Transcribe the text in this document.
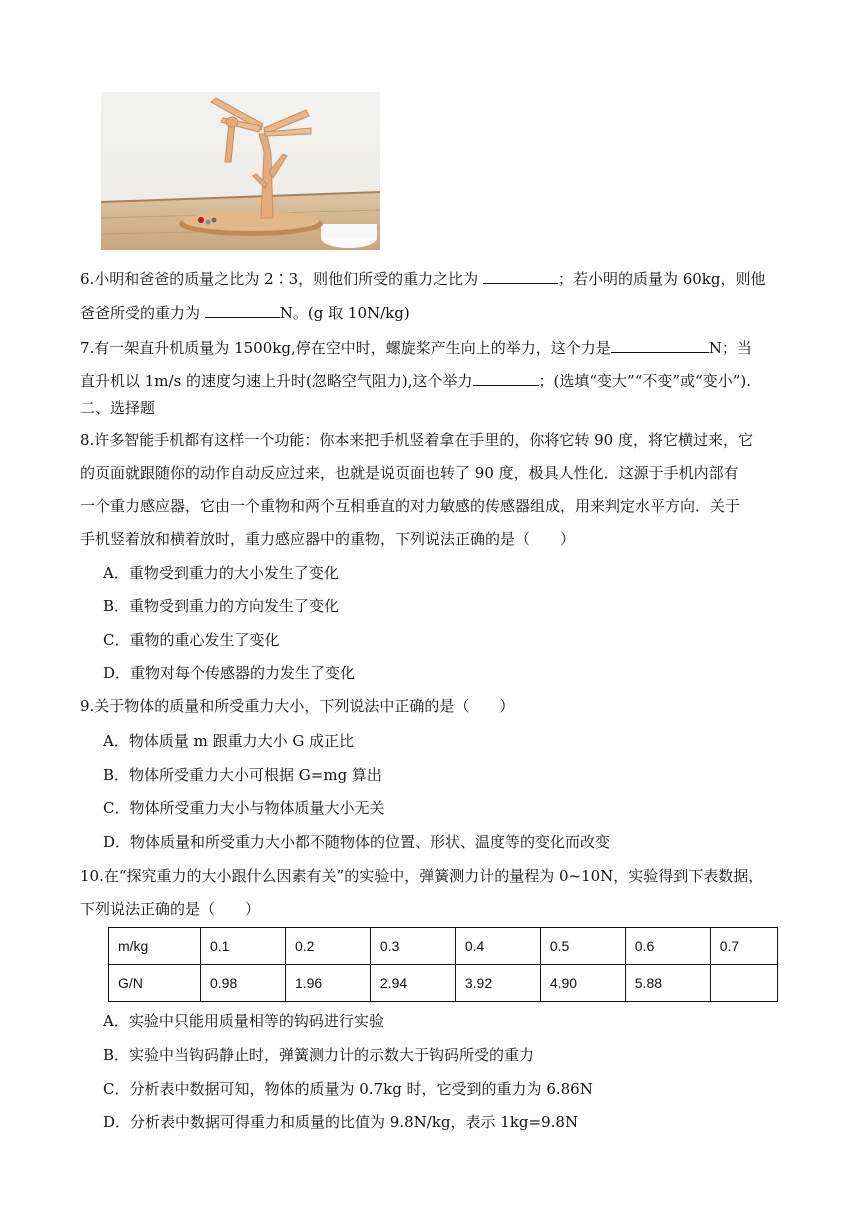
6.小明和爸爸的质量之比为 2∶3，则他们所受的重力之比为	；若小明的质量为 60kg，则他
爸爸所受的重力为	N。(g 取 10N/kg)
7.有一架直升机质量为 1500kg,停在空中时，螺旋桨产生向上的举力，这个力是	N；当
直升机以 1m/s 的速度匀速上升时(忽略空气阻力),这个举力	；(选填“变大”“不变”或“变小”).
二、选择题
8.许多智能手机都有这样一个功能：你本来把手机竖着拿在手里的，你将它转 90 度，将它横过来，它
的页面就跟随你的动作自动反应过来，也就是说页面也转了 90 度，极具人性化．这源于手机内部有
一个重力感应器，它由一个重物和两个互相垂直的对力敏感的传感器组成，用来判定水平方向．关于
手机竖着放和横着放时，重力感应器中的重物，下列说法正确的是（　　）
A．重物受到重力的大小发生了变化
B．重物受到重力的方向发生了变化
C．重物的重心发生了变化
D．重物对每个传感器的力发生了变化
9.关于物体的质量和所受重力大小，下列说法中正确的是（　　）
A．物体质量 m 跟重力大小 G 成正比
B．物体所受重力大小可根据 G=mg 算出
C．物体所受重力大小与物体质量大小无关
D．物体质量和所受重力大小都不随物体的位置、形状、温度等的变化而改变
10.在“探究重力的大小跟什么因素有关”的实验中，弹簧测力计的量程为 0~10N，实验得到下表数据，
下列说法正确的是（　　）
m/kg	0.1	0.2	0.3	0.4	0.5	0.6	0.7
G/N	0.98	1.96	2.94	3.92	4.90	5.88	
A．实验中只能用质量相等的钩码进行实验
B．实验中当钩码静止时，弹簧测力计的示数大于钩码所受的重力
C．分析表中数据可知，物体的质量为 0.7kg 时，它受到的重力为 6.86N
D．分析表中数据可得重力和质量的比值为 9.8N/kg，表示 1kg=9.8N
